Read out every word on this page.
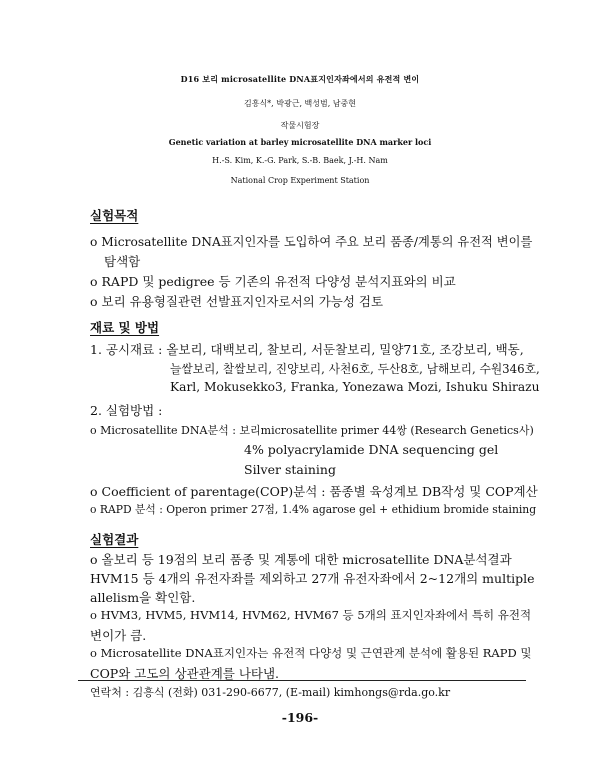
D16 보리 microsatellite DNA표지인자좌에서의 유전적 변이
김흥식*, 박광근, 백성범, 남중현
작물시험장
Genetic variation at barley microsatellite DNA marker loci
H.-S. Kim, K.-G. Park, S.-B. Baek, J.-H. Nam
National Crop Experiment Station
실험목적
o Microsatellite DNA표지인자를 도입하여 주요 보리 품종/계통의 유전적 변이를
탐색함
o RAPD 및 pedigree 등 기존의 유전적 다양성 분석지표와의 비교
o 보리 유용형질관련 선발표지인자로서의 가능성 검토
재료 및 방법
1. 공시재료 : 올보리, 대백보리, 찰보리, 서둔찰보리, 밀양71호, 조강보리, 백동,
늘쌀보리, 찰쌀보리, 진양보리, 사천6호, 두산8호, 남해보리, 수원346호,
Karl, Mokusekko3, Franka, Yonezawa Mozi, Ishuku Shirazu
2. 실험방법 :
o Microsatellite DNA분석 : 보리microsatellite primer 44쌍 (Research Genetics사)
4% polyacrylamide DNA sequencing gel
Silver staining
o Coefficient of parentage(COP)분석 : 품종별 육성계보 DB작성 및 COP계산
o RAPD 분석 : Operon primer 27점, 1.4% agarose gel + ethidium bromide staining
실험결과
o 올보리 등 19점의 보리 품종 및 계통에 대한 microsatellite DNA분석결과
HVM15 등 4개의 유전자좌를 제외하고 27개 유전자좌에서 2~12개의 multiple
allelism을 확인함.
o HVM3, HVM5, HVM14, HVM62, HVM67 등 5개의 표지인자좌에서 특히 유전적
변이가 큼.
o Microsatellite DNA표지인자는 유전적 다양성 및 근연관계 분석에 활용된 RAPD 및
연락처 : 김흥식 (전화) 031-290-6677, (E-mail) kimhongs@rda.go.kr
-196-
COP와 고도의 상관관계를 나타냄.
